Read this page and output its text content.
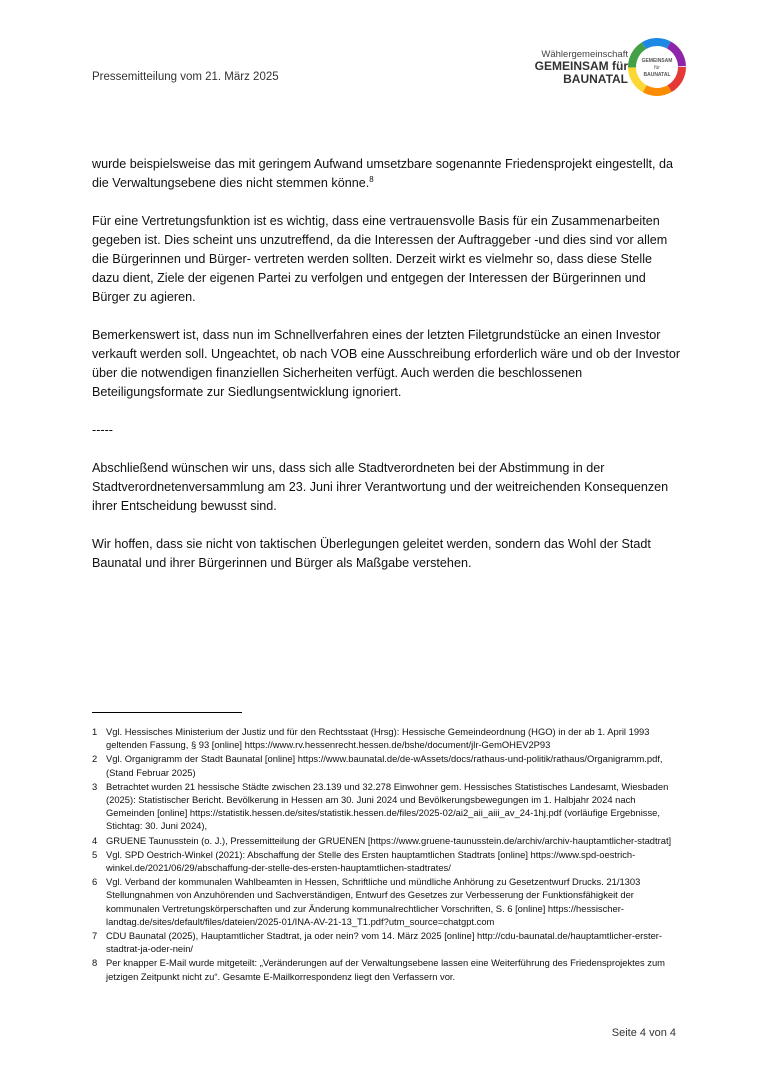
Pressemitteilung vom 21. März 2025
Wählergemeinschaft
GEMEINSAM für
BAUNATAL
GEMEINSAM
für
BAUNATAL

wurde beispielsweise das mit geringem Aufwand umsetzbare sogenannte Friedensprojekt eingestellt, da die Verwaltungsebene dies nicht stemmen könne.$^8$

Für eine Vertretungsfunktion ist es wichtig, dass eine vertrauensvolle Basis für ein Zusammenarbeiten gegeben ist. Dies scheint uns unzutreffend, da die Interessen der Auftraggeber -und dies sind vor allem die Bürgerinnen und Bürger- vertreten werden sollten. Derzeit wirkt es vielmehr so, dass diese Stelle dazu dient, Ziele der eigenen Partei zu verfolgen und entgegen der Interessen der Bürgerinnen und Bürger zu agieren.

Bemerkenswert ist, dass nun im Schnellverfahren eines der letzten Filetgrundstücke an einen Investor verkauft werden soll. Ungeachtet, ob nach VOB eine Ausschreibung erforderlich wäre und ob der Investor über die notwendigen finanziellen Sicherheiten verfügt. Auch werden die beschlossenen Beteiligungsformate zur Siedlungsentwicklung ignoriert.

-----

Abschließend wünschen wir uns, dass sich alle Stadtverordneten bei der Abstimmung in der Stadtverordnetenversammlung am 23. Juni ihrer Verantwortung und der weitreichenden Konsequenzen ihrer Entscheidung bewusst sind.

Wir hoffen, dass sie nicht von taktischen Überlegungen geleitet werden, sondern das Wohl der Stadt Baunatal und ihrer Bürgerinnen und Bürger als Maßgabe verstehen.

1 Vgl. Hessisches Ministerium der Justiz und für den Rechtsstaat (Hrsg): Hessische Gemeindeordnung (HGO) in der ab 1. April 1993 geltenden Fassung, § 93 [online] https://www.rv.hessenrecht.hessen.de/bshe/document/jlr-GemOHEV2P93
2 Vgl. Organigramm der Stadt Baunatal [online] https://www.baunatal.de/de-wAssets/docs/rathaus-und-politik/rathaus/Organigramm.pdf, (Stand Februar 2025)
3 Betrachtet wurden 21 hessische Städte zwischen 23.139 und 32.278 Einwohner gem. Hessisches Statistisches Landesamt, Wiesbaden (2025): Statistischer Bericht. Bevölkerung in Hessen am 30. Juni 2024 und Bevölkerungsbewegungen im 1. Halbjahr 2024 nach Gemeinden [online] https://statistik.hessen.de/sites/statistik.hessen.de/files/2025-02/ai2_aii_aiii_av_24-1hj.pdf (vorläufige Ergebnisse, Stichtag: 30. Juni 2024),
4 GRUENE Taunusstein (o. J.), Pressemitteilung der GRUENEN [https://www.gruene-taunusstein.de/archiv/archiv-hauptamtlicher-stadtrat]
5 Vgl. SPD Oestrich-Winkel (2021): Abschaffung der Stelle des Ersten hauptamtlichen Stadtrats [online] https://www.spd-oestrich-winkel.de/2021/06/29/abschaffung-der-stelle-des-ersten-hauptamtlichen-stadtrates/
6 Vgl. Verband der kommunalen Wahlbeamten in Hessen, Schriftliche und mündliche Anhörung zu Gesetzentwurf Drucks. 21/1303 Stellungnahmen von Anzuhörenden und Sachverständigen, Entwurf des Gesetzes zur Verbesserung der Funktionsfähigkeit der kommunalen Vertretungskörperschaften und zur Änderung kommunalrechtlicher Vorschriften, S. 6 [online] https://hessischer-landtag.de/sites/default/files/dateien/2025-01/INA-AV-21-13_T1.pdf?utm_source=chatgpt.com
7 CDU Baunatal (2025), Hauptamtlicher Stadtrat, ja oder nein? vom 14. März 2025 [online] http://cdu-baunatal.de/hauptamtlicher-erster-stadtrat-ja-oder-nein/
8 Per knapper E-Mail wurde mitgeteilt: „Veränderungen auf der Verwaltungsebene lassen eine Weiterführung des Friedensprojektes zum jetzigen Zeitpunkt nicht zu“. Gesamte E-Mailkorrespondenz liegt den Verfassern vor.
Seite 4 von 4
